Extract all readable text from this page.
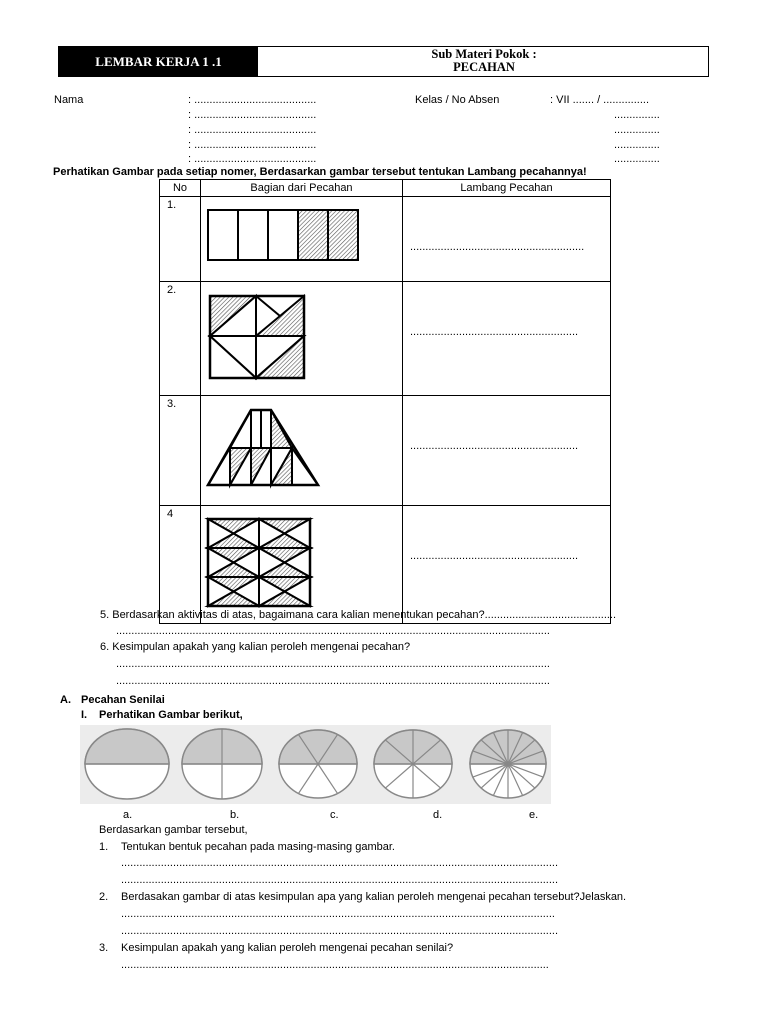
LEMBAR KERJA 1 .1	Sub Materi Pokok :
PECAHAN
Nama	: ........................................
: ........................................
: ........................................
: ........................................
: ........................................
Kelas / No Absen	: VII ....... / ...............
...............
...............
...............
...............
Perhatikan Gambar pada setiap nomer, Berdasarkan gambar tersebut tentukan Lambang pecahannya!
No	Bagian dari Pecahan	Lambang Pecahan
1.		.........................................................

2.		.......................................................

3.		.......................................................

4		.......................................................
5. Berdasarkan aktivitas di atas, bagaimana cara kalian menentukan pecahan?...........................................
..............................................................................................................................................
6. Kesimpulan apakah yang kalian peroleh mengenai pecahan?
..............................................................................................................................................
..............................................................................................................................................
A. Pecahan Senilai
I. Perhatikan Gambar berikut,
a.	b.	c.	d.	e.
Berdasarkan gambar tersebut,
1. Tentukan bentuk pecahan pada masing-masing gambar.
...............................................................................................................................................
...............................................................................................................................................
2. Berdasakan gambar di atas kesimpulan apa yang kalian peroleh mengenai pecahan tersebut?Jelaskan.
..............................................................................................................................................
...............................................................................................................................................
3. Kesimpulan apakah yang kalian peroleh mengenai pecahan senilai?
............................................................................................................................................
